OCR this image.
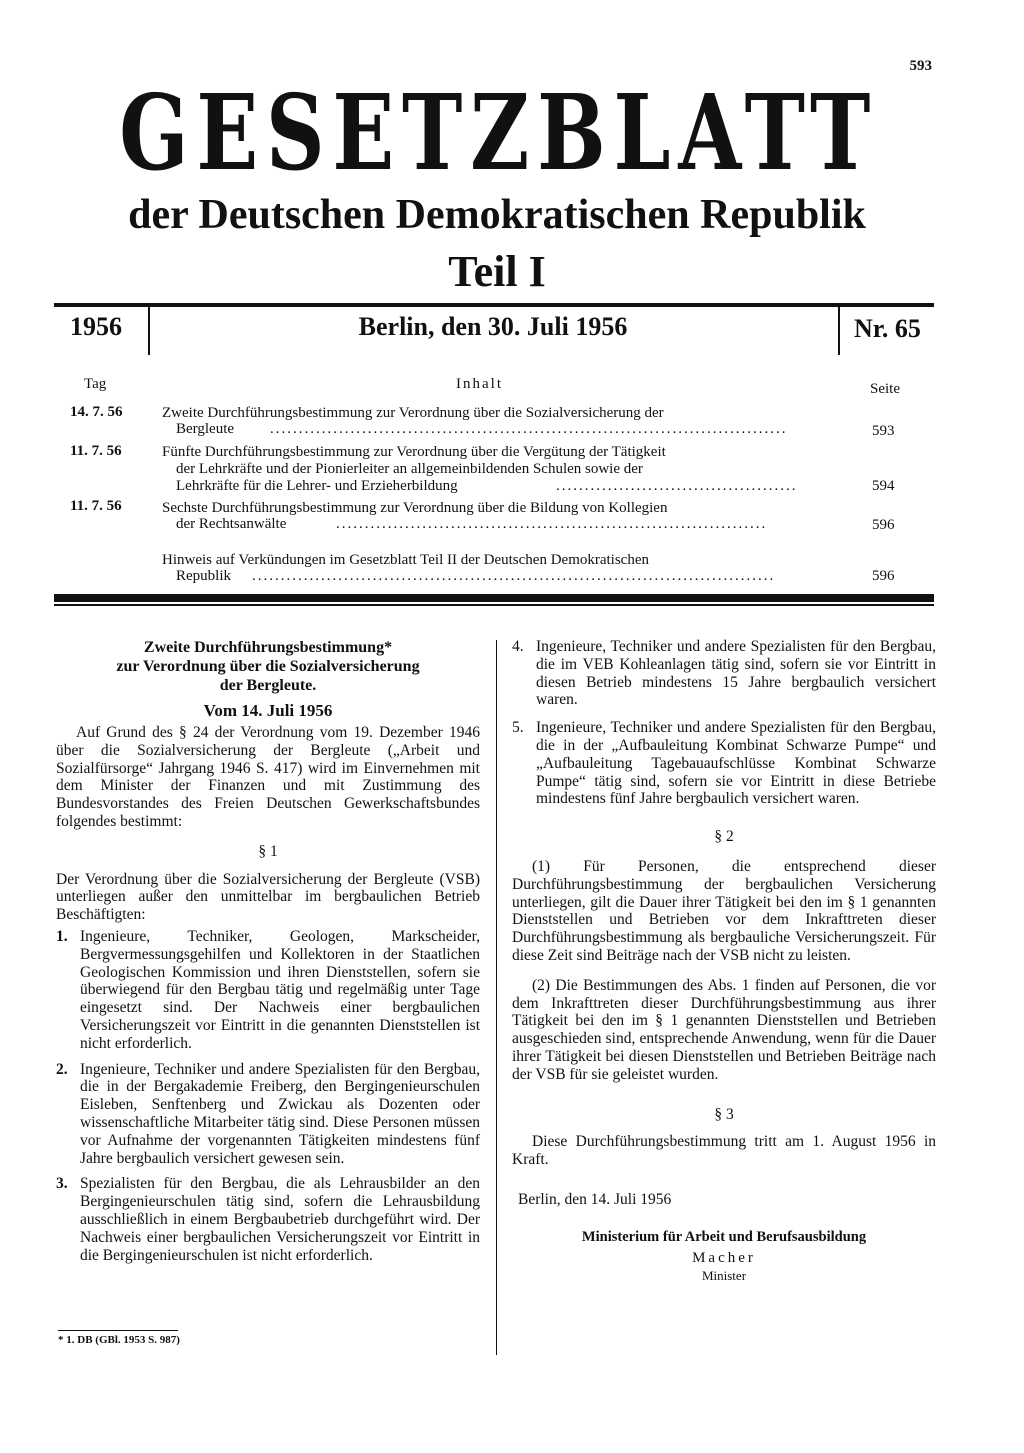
593
GESETZBLATT
der Deutschen Demokratischen Republik
Teil I
1956	Berlin, den 30. Juli 1956	Nr. 65
Tag	Inhalt	Seite
14. 7. 56	Zweite Durchführungsbestimmung zur Verordnung über die Sozialversicherung der
Bergleute ..........................................................................................	593
11. 7. 56	Fünfte Durchführungsbestimmung zur Verordnung über die Vergütung der Tätigkeit
der Lehrkräfte und der Pionierleiter an allgemeinbildenden Schulen sowie der
Lehrkräfte für die Lehrer- und Erzieherbildung	..........................................	594
11. 7. 56	Sechste Durchführungsbestimmung zur Verordnung über die Bildung von Kollegien
der Rechtsanwälte	...........................................................................	596
Hinweis auf Verkündungen im Gesetzblatt Teil II der Deutschen Demokratischen
Republik ...........................................................................................	596
Zweite Durchführungsbestimmung*
zur Verordnung über die Sozialversicherung
der Bergleute.
Vom 14. Juli 1956

Auf Grund des § 24 der Verordnung vom 19. Dezember 1946 über die Sozialversicherung der Bergleute („Arbeit und Sozialfürsorge“ Jahrgang 1946 S. 417) wird im Einvernehmen mit dem Minister der Finanzen und mit Zustimmung des Bundesvorstandes des Freien Deutschen Gewerkschaftsbundes folgendes bestimmt:

§ 1

Der Verordnung über die Sozialversicherung der Bergleute (VSB) unterliegen außer den unmittelbar im bergbaulichen Betrieb Beschäftigten:

1. Ingenieure, Techniker, Geologen, Markscheider, Bergvermessungsgehilfen und Kollektoren in der Staatlichen Geologischen Kommission und ihren Dienststellen, sofern sie überwiegend für den Bergbau tätig und regelmäßig unter Tage eingesetzt sind. Der Nachweis einer bergbaulichen Versicherungszeit vor Eintritt in die genannten Dienststellen ist nicht erforderlich.

2. Ingenieure, Techniker und andere Spezialisten für den Bergbau, die in der Bergakademie Freiberg, den Bergingenieurschulen Eisleben, Senftenberg und Zwickau als Dozenten oder wissenschaftliche Mitarbeiter tätig sind. Diese Personen müssen vor Aufnahme der vorgenannten Tätigkeiten mindestens fünf Jahre bergbaulich versichert gewesen sein.

3. Spezialisten für den Bergbau, die als Lehrausbilder an den Bergingenieurschulen tätig sind, sofern die Lehrausbildung ausschließlich in einem Bergbaubetrieb durchgeführt wird. Der Nachweis einer bergbaulichen Versicherungszeit vor Eintritt in die Bergingenieurschulen ist nicht erforderlich.

* 1. DB (GBl. 1953 S. 987)
4. Ingenieure, Techniker und andere Spezialisten für den Bergbau, die im VEB Kohleanlagen tätig sind, sofern sie vor Eintritt in diesen Betrieb mindestens 15 Jahre bergbaulich versichert waren.

5. Ingenieure, Techniker und andere Spezialisten für den Bergbau, die in der „Aufbauleitung Kombinat Schwarze Pumpe“ und „Aufbauleitung Tagebauaufschlüsse Kombinat Schwarze Pumpe“ tätig sind, sofern sie vor Eintritt in diese Betriebe mindestens fünf Jahre bergbaulich versichert waren.

§ 2

(1) Für Personen, die entsprechend dieser Durchführungsbestimmung der bergbaulichen Versicherung unterliegen, gilt die Dauer ihrer Tätigkeit bei den im § 1 genannten Dienststellen und Betrieben vor dem Inkrafttreten dieser Durchführungsbestimmung als bergbauliche Versicherungszeit. Für diese Zeit sind Beiträge nach der VSB nicht zu leisten.

(2) Die Bestimmungen des Abs. 1 finden auf Personen, die vor dem Inkrafttreten dieser Durchführungsbestimmung aus ihrer Tätigkeit bei den im § 1 genannten Dienststellen und Betrieben ausgeschieden sind, entsprechende Anwendung, wenn für die Dauer ihrer Tätigkeit bei diesen Dienststellen und Betrieben Beiträge nach der VSB für sie geleistet wurden.

§ 3

Diese Durchführungsbestimmung tritt am 1. August 1956 in Kraft.

Berlin, den 14. Juli 1956
Ministerium für Arbeit und Berufsausbildung
Macher
Minister
